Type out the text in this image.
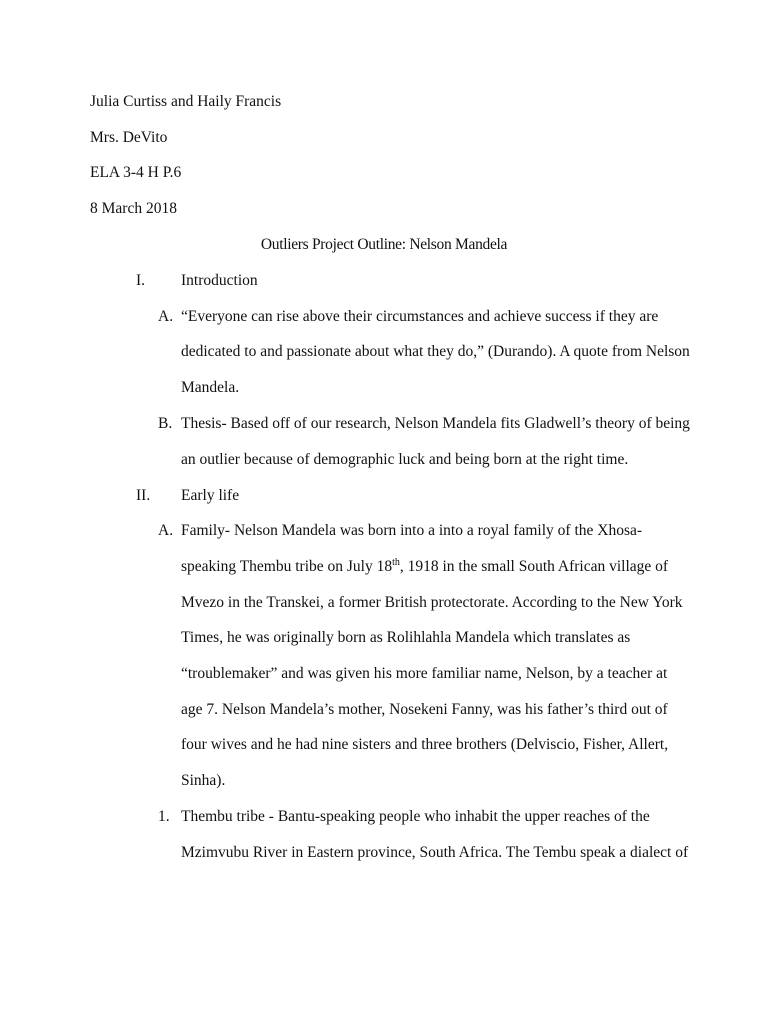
Julia Curtiss and Haily Francis
Mrs. DeVito
ELA 3-4 H P.6
8 March 2018
Outliers Project Outline: Nelson Mandela
I. Introduction
A. “Everyone can rise above their circumstances and achieve success if they are
dedicated to and passionate about what they do,” (Durando). A quote from Nelson
Mandela.
B. Thesis- Based off of our research, Nelson Mandela fits Gladwell’s theory of being
an outlier because of demographic luck and being born at the right time.
II. Early life
A. Family- Nelson Mandela was born into a into a royal family of the Xhosa-
speaking Thembu tribe on July 18th, 1918 in the small South African village of
Mvezo in the Transkei, a former British protectorate. According to the New York
Times, he was originally born as Rolihlahla Mandela which translates as
“troublemaker” and was given his more familiar name, Nelson, by a teacher at
age 7. Nelson Mandela’s mother, Nosekeni Fanny, was his father’s third out of
four wives and he had nine sisters and three brothers (Delviscio, Fisher, Allert,
Sinha).
1. Thembu tribe - Bantu-speaking people who inhabit the upper reaches of the
Mzimvubu River in Eastern province, South Africa. The Tembu speak a dialect of
